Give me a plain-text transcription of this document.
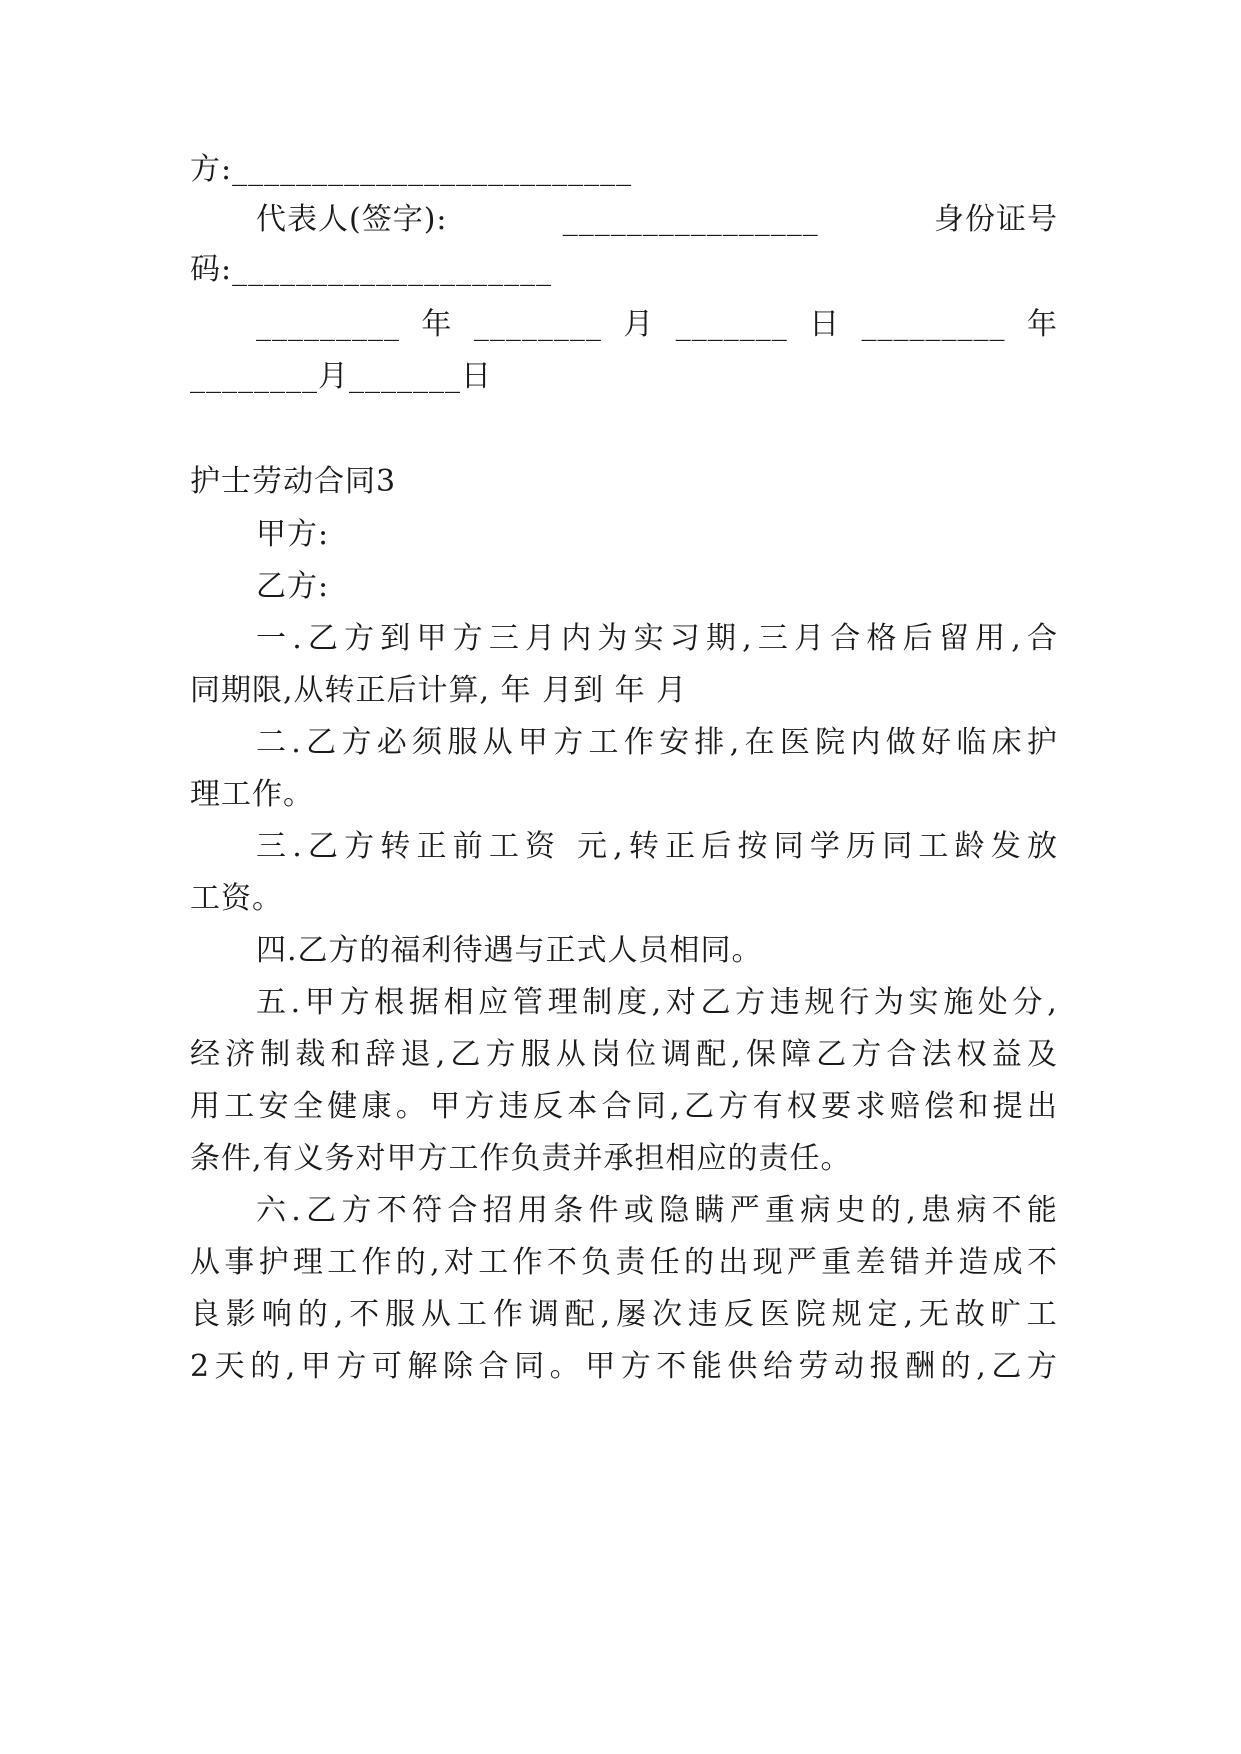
方:_________________________
代表人(签字):	________________	身份证号
码:____________________
_________ 年 ________ 月 _______ 日 _________ 年
________月_______日
护士劳动合同3
甲方:
乙方:
一 . 乙 方 到 甲 方 三 月 内 为 实 习 期 , 三 月 合 格 后 留 用 , 合
同期限,从转正后计算, 年 月到 年 月
二 . 乙 方 必 须 服 从 甲 方 工 作 安 排 , 在 医 院 内 做 好 临 床 护
理工作。
三 . 乙 方 转 正 前 工 资
元 , 转 正 后 按 同 学 历 同 工 龄 发 放
工资。
四.乙方的福利待遇与正式人员相同。
五 . 甲 方 根 据 相 应 管 理 制 度 , 对 乙 方 违 规 行 为 实 施 处 分 ,
经 济 制 裁 和 辞 退 , 乙 方 服 从 岗 位 调 配 , 保 障 乙 方 合 法 权 益 及
用 工 安 全 健 康 。 甲 方 违 反 本 合 同 , 乙 方 有 权 要 求 赔 偿 和 提 出
条件,有义务对甲方工作负责并承担相应的责任。
六 . 乙 方 不 符 合 招 用 条 件 或 隐 瞒 严 重 病 史 的 , 患 病 不 能
从 事 护 理 工 作 的 , 对 工 作 不 负 责 任 的 出 现 严 重 差 错 并 造 成 不
良 影 响 的 , 不 服 从 工 作 调 配 , 屡 次 违 反 医 院 规 定 , 无 故 旷 工
2 天 的 , 甲 方 可 解 除 合 同 。 甲 方 不 能 供 给 劳 动 报 酬 的 , 乙 方
